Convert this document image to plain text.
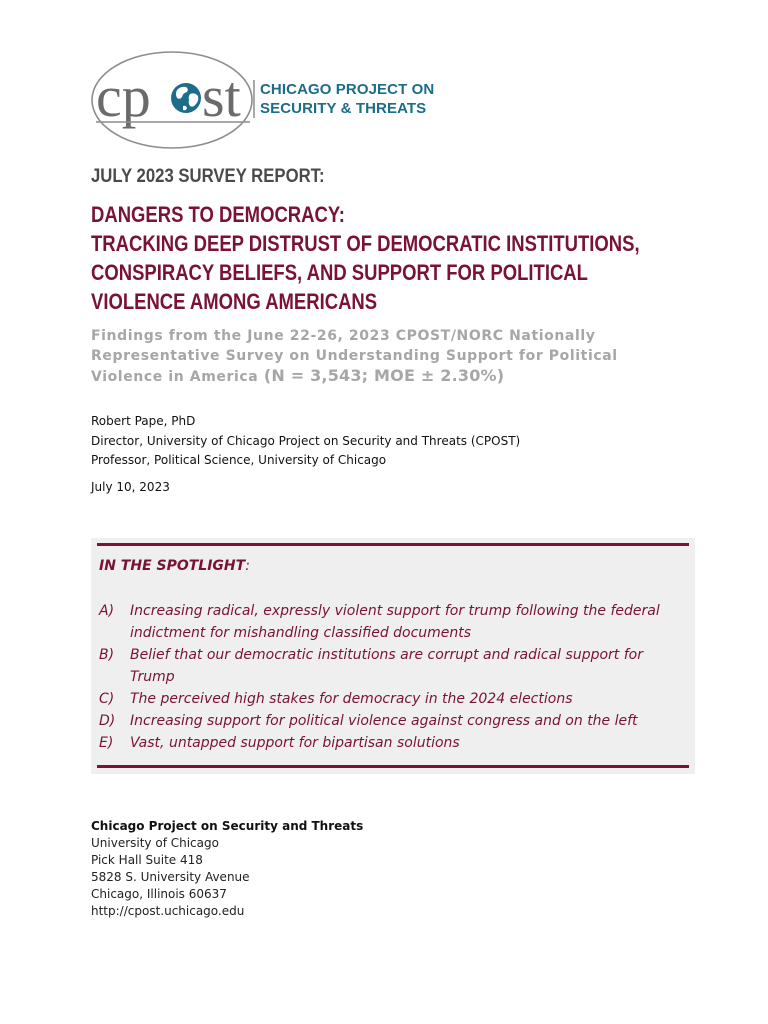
cp st CHICAGO PROJECT ON
SECURITY & THREATS
JULY 2023 SURVEY REPORT:
DANGERS TO DEMOCRACY:
TRACKING DEEP DISTRUST OF DEMOCRATIC INSTITUTIONS,
CONSPIRACY BELIEFS, AND SUPPORT FOR POLITICAL
VIOLENCE AMONG AMERICANS
Findings from the June 22-26, 2023 CPOST/NORC Nationally
Representative Survey on Understanding Support for Political
Violence in America (N = 3,543; MOE ± 2.30%)
Robert Pape, PhD
Director, University of Chicago Project on Security and Threats (CPOST)
Professor, Political Science, University of Chicago
July 10, 2023
IN THE SPOTLIGHT:
A) Increasing radical, expressly violent support for trump following the federal
indictment for mishandling classified documents
B) Belief that our democratic institutions are corrupt and radical support for
Trump
C) The perceived high stakes for democracy in the 2024 elections
D) Increasing support for political violence against congress and on the left
E) Vast, untapped support for bipartisan solutions
Chicago Project on Security and Threats
University of Chicago
Pick Hall Suite 418
5828 S. University Avenue
Chicago, Illinois 60637
http://cpost.uchicago.edu
